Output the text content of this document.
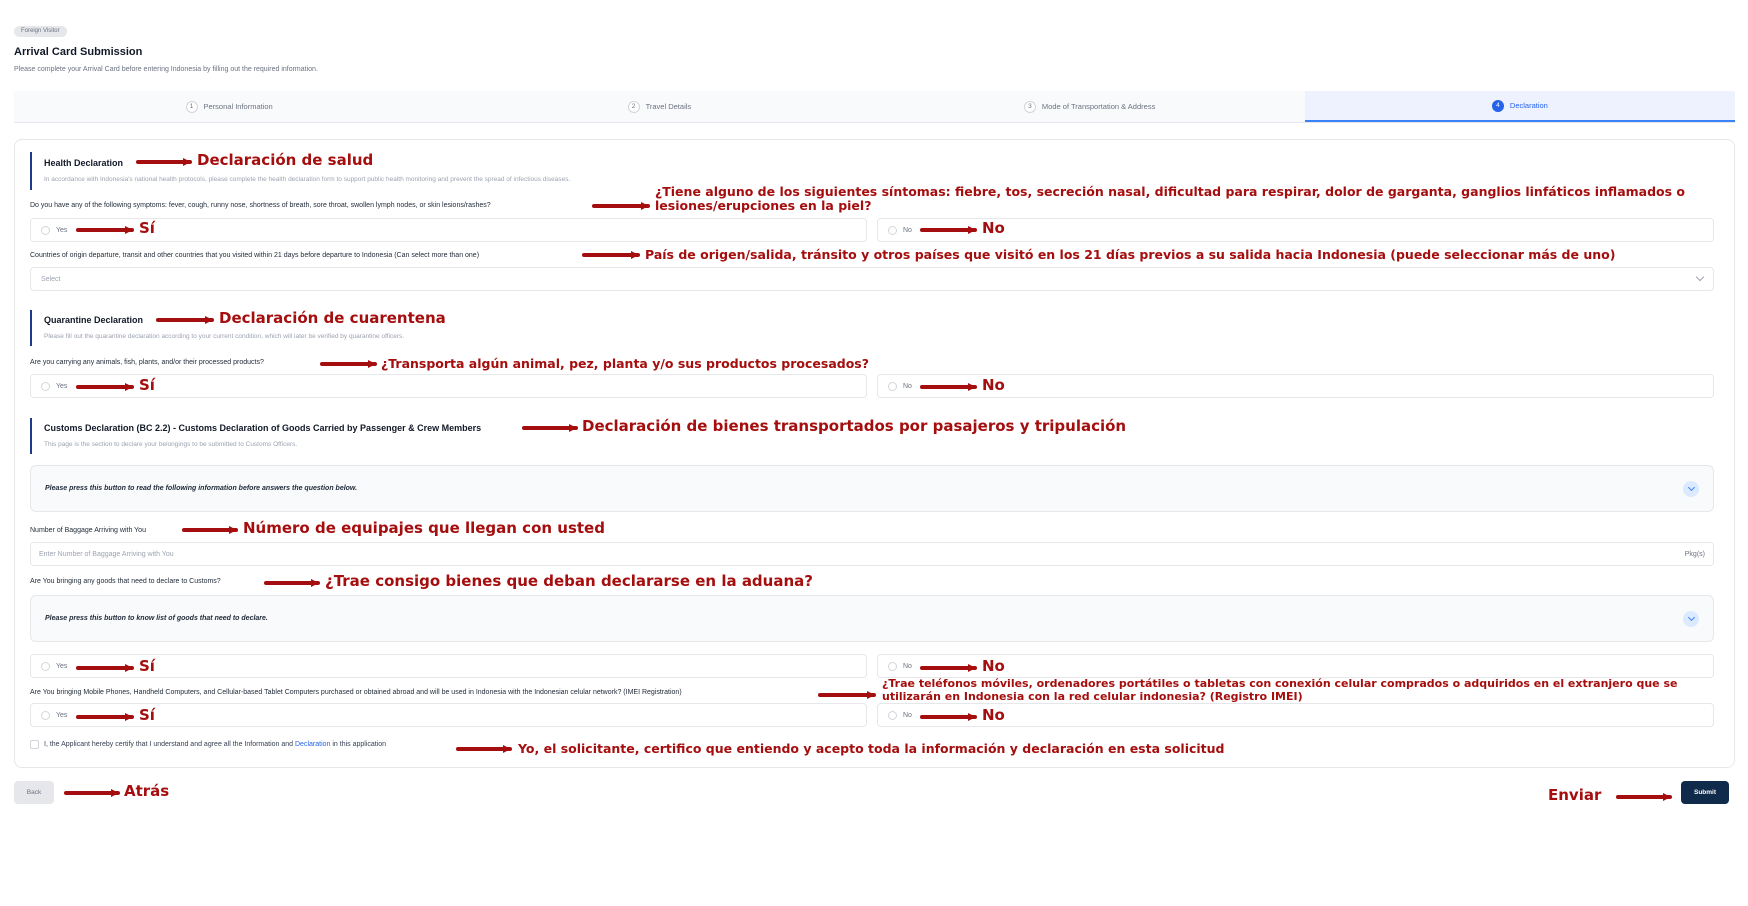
Foreign Visitor
Arrival Card Submission
Please complete your Arrival Card before entering Indonesia by filling out the required information.
1	Personal Information	2	Travel Details	3	Mode of Transportation & Address	4	Declaration
Health Declaration
In accordance with Indonesia's national health protocols, please complete the health declaration form to support public health monitoring and prevent the spread of infectious diseases.
Do you have any of the following symptoms: fever, cough, runny nose, shortness of breath, sore throat, swollen lymph nodes, or skin lesions/rashes?
Yes	No
Countries of origin departure, transit and other countries that you visited within 21 days before departure to Indonesia (Can select more than one)
Select
Quarantine Declaration
Please fill out the quarantine declaration according to your current condition, which will later be verified by quarantine officers.
Are you carrying any animals, fish, plants, and/or their processed products?
Yes	No
Customs Declaration (BC 2.2) - Customs Declaration of Goods Carried by Passenger & Crew Members
This page is the section to declare your belongings to be submitted to Customs Officers.
Please press this button to read the following information before answers the question below.
Number of Baggage Arriving with You
Enter Number of Baggage Arriving with You	Pkg(s)
Are You bringing any goods that need to declare to Customs?
Please press this button to know list of goods that need to declare.
Yes	No
Are You bringing Mobile Phones, Handheld Computers, and Cellular-based Tablet Computers purchased or obtained abroad and will be used in Indonesia with the Indonesian celular network? (IMEI Registration)
Yes	No
I, the Applicant hereby certify that I understand and agree all the Information and Declaration in this application
Back	Submit
Declaración de salud
¿Tiene alguno de los siguientes síntomas: fiebre, tos, secreción nasal, dificultad para respirar, dolor de garganta, ganglios linfáticos inflamados o lesiones/erupciones en la piel?
Sí	No
País de origen/salida, tránsito y otros países que visitó en los 21 días previos a su salida hacia Indonesia (puede seleccionar más de uno)
Declaración de cuarentena
¿Transporta algún animal, pez, planta y/o sus productos procesados?
Sí	No
Declaración de bienes transportados por pasajeros y tripulación
Número de equipajes que llegan con usted
¿Trae consigo bienes que deban declararse en la aduana?
Sí	No
¿Trae teléfonos móviles, ordenadores portátiles o tabletas con conexión celular comprados o adquiridos en el extranjero que se utilizarán en Indonesia con la red celular indonesia? (Registro IMEI)
Sí	No
Yo, el solicitante, certifico que entiendo y acepto toda la información y declaración en esta solicitud
Atrás	Enviar
